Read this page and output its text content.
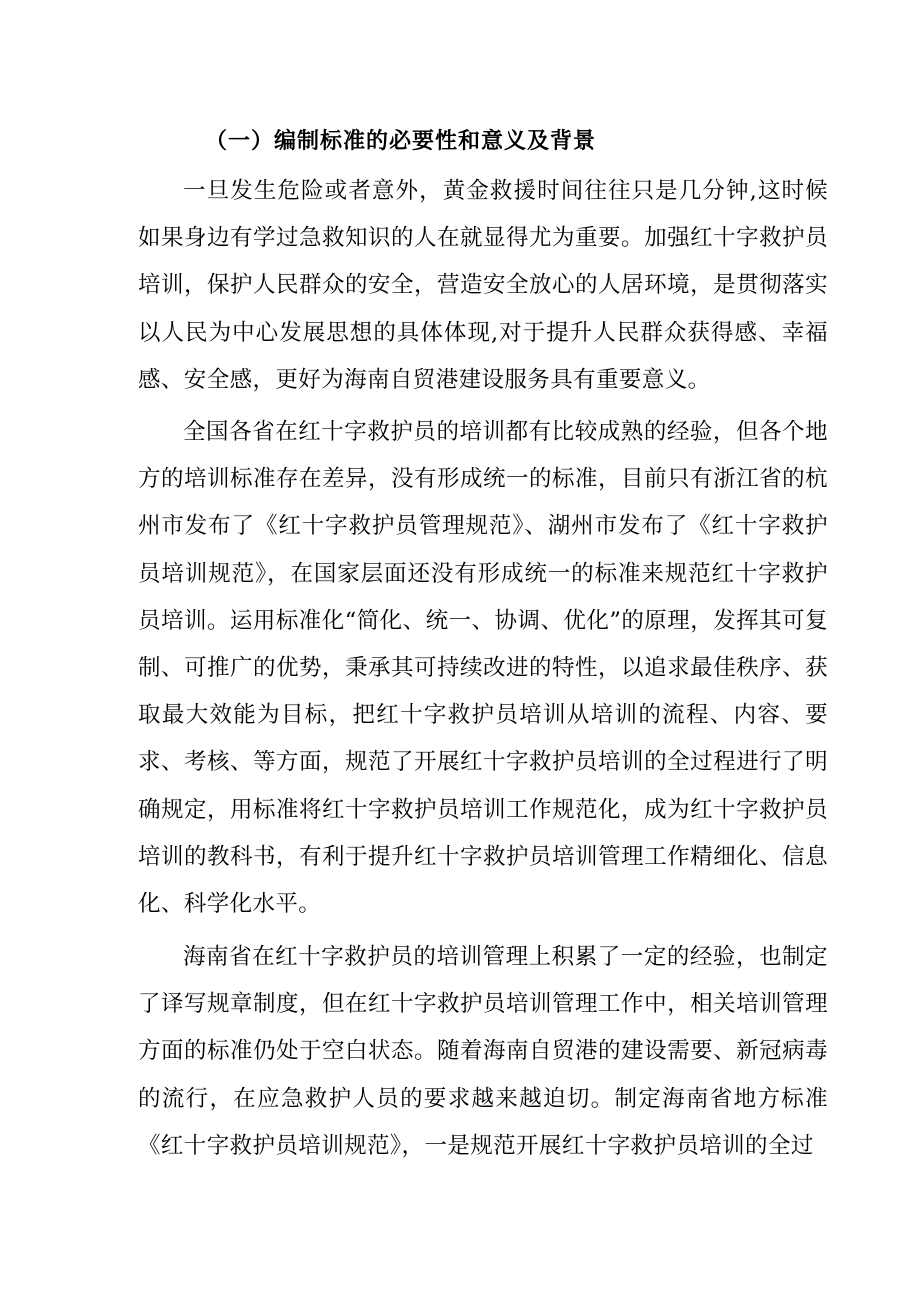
（一）编制标准的必要性和意义及背景

一旦发生危险或者意外，黄金救援时间往往只是几分钟,这时候如果身边有学过急救知识的人在就显得尤为重要。加强红十字救护员培训，保护人民群众的安全，营造安全放心的人居环境，是贯彻落实以人民为中心发展思想的具体体现,对于提升人民群众获得感、幸福感、安全感，更好为海南自贸港建设服务具有重要意义。

全国各省在红十字救护员的培训都有比较成熟的经验，但各个地方的培训标准存在差异，没有形成统一的标准，目前只有浙江省的杭州市发布了《红十字救护员管理规范》、湖州市发布了《红十字救护员培训规范》，在国家层面还没有形成统一的标准来规范红十字救护员培训。运用标准化“简化、统一、协调、优化”的原理，发挥其可复制、可推广的优势，秉承其可持续改进的特性，以追求最佳秩序、获取最大效能为目标，把红十字救护员培训从培训的流程、内容、要求、考核、等方面，规范了开展红十字救护员培训的全过程进行了明确规定，用标准将红十字救护员培训工作规范化，成为红十字救护员培训的教科书，有利于提升红十字救护员培训管理工作精细化、信息化、科学化水平。

海南省在红十字救护员的培训管理上积累了一定的经验，也制定了译写规章制度，但在红十字救护员培训管理工作中，相关培训管理方面的标准仍处于空白状态。随着海南自贸港的建设需要、新冠病毒的流行，在应急救护人员的要求越来越迫切。制定海南省地方标准《红十字救护员培训规范》，一是规范开展红十字救护员培训的全过
